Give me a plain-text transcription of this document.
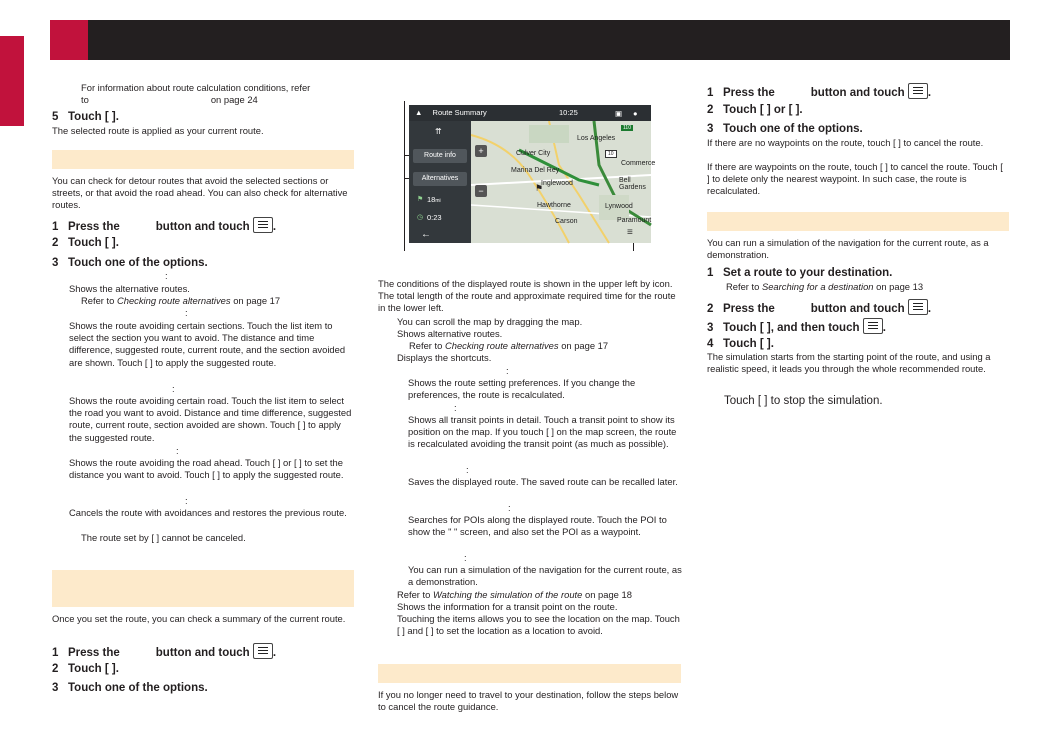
For information about route calculation conditions, refer
to	on page 24
5 Touch [ ].
The selected route is applied as your current route.
You can check for detour routes that avoid the selected sections or streets, or that avoid the road ahead. You can also check for alternative routes.
1 Press the	button and touch .
2 Touch [ ].
3 Touch one of the options.
:
Shows the alternative routes.
Refer to Checking route alternatives on page 17
:
Shows the route avoiding certain sections. Touch the list item to select the section you want to avoid. The distance and time difference, suggested route, current route, and the section avoided are shown. Touch [ ] to apply the suggested route.
:
Shows the route avoiding certain road. Touch the list item to select the road you want to avoid. Distance and time difference, suggested route, current route, section avoided are shown. Touch [ ] to apply the suggested route.
:
Shows the route avoiding the road ahead. Touch [ ] or [ ] to set the distance you want to avoid. Touch [ ] to apply the suggested route.
:
Cancels the route with avoidances and restores the previous route.
The route set by [ ] cannot be canceled.
Once you set the route, you can check a summary of the current route.
1 Press the	button and touch .
2 Touch [ ].
3 Touch one of the options.
▲ Route Summary	10:25	▣ ●
⇈
Route info
Alternatives
⚑ 18mi
◷ 0:23
←
+
−
110
10
Los Angeles
Culver City
Marina Del Rey
Inglewood
Hawthorne	Lynwood
Carson
Commerce
Bell Gardens
Paramount
⚑
≡
The conditions of the displayed route is shown in the upper left by icon. The total length of the route and approximate required time for the route in the lower left.
You can scroll the map by dragging the map.
Shows alternative routes.
Refer to Checking route alternatives on page 17
Displays the shortcuts.
:
Shows the route setting preferences. If you change the preferences, the route is recalculated.
:
Shows all transit points in detail. Touch a transit point to show its position on the map. If you touch [ ] on the map screen, the route is recalculated avoiding the transit point (as much as possible).
:
Saves the displayed route. The saved route can be recalled later.
:
Searches for POIs along the displayed route. Touch the POI to show the " " screen, and also set the POI as a waypoint.
:
You can run a simulation of the navigation for the current route, as a demonstration.
Refer to Watching the simulation of the route on page 18
Shows the information for a transit point on the route.
Touching the items allows you to see the location on the map. Touch [ ] and [ ] to set the location as a location to avoid.
If you no longer need to travel to your destination, follow the steps below to cancel the route guidance.
1 Press the	button and touch .
2 Touch [ ] or [ ].
3 Touch one of the options.
If there are no waypoints on the route, touch [ ] to cancel the route.
If there are waypoints on the route, touch [ ] to cancel the route. Touch [ ] to delete only the nearest waypoint. In such case, the route is recalculated.
You can run a simulation of the navigation for the current route, as a demonstration.
1 Set a route to your destination.
Refer to Searching for a destination on page 13
2 Press the	button and touch .
3 Touch [ ], and then touch .
4 Touch [ ].
The simulation starts from the starting point of the route, and using a realistic speed, it leads you through the whole recommended route.
Touch [ ] to stop the simulation.
